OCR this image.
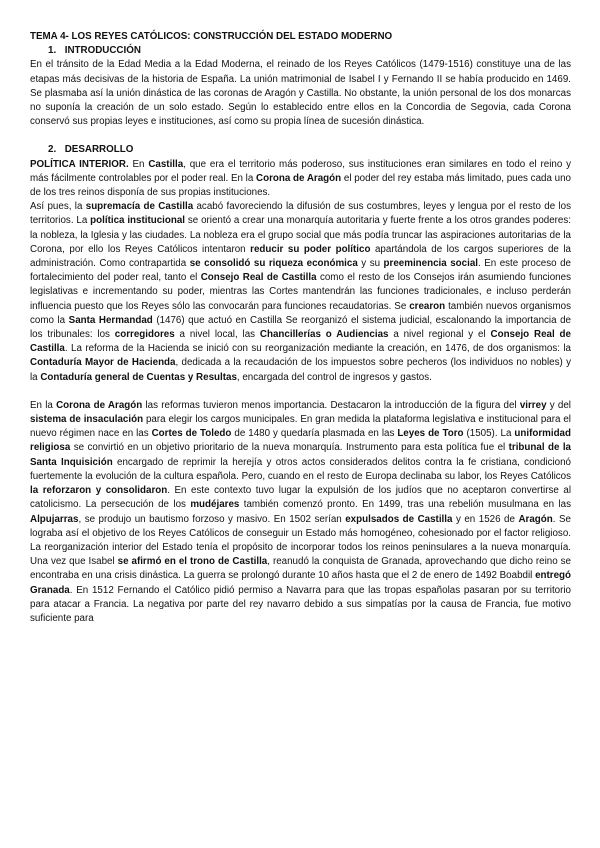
TEMA 4- LOS REYES CATÓLICOS: CONSTRUCCIÓN DEL ESTADO MODERNO
1. INTRODUCCIÓN

En el tránsito de la Edad Media a la Edad Moderna, el reinado de los Reyes Católicos (1479-1516) constituye una de las etapas más decisivas de la historia de España. La unión matrimonial de Isabel I y Fernando II se había producido en 1469. Se plasmaba así la unión dinástica de las coronas de Aragón y Castilla. No obstante, la unión personal de los dos monarcas no suponía la creación de un solo estado. Según lo establecido entre ellos en la Concordia de Segovia, cada Corona conservó sus propias leyes e instituciones, así como su propia línea de sucesión dinástica.

2. DESARROLLO

POLÍTICA INTERIOR. En Castilla, que era el territorio más poderoso, sus instituciones eran similares en todo el reino y más fácilmente controlables por el poder real. En la Corona de Aragón el poder del rey estaba más limitado, pues cada uno de los tres reinos disponía de sus propias instituciones.

Así pues, la supremacía de Castilla acabó favoreciendo la difusión de sus costumbres, leyes y lengua por el resto de los territorios. La política institucional se orientó a crear una monarquía autoritaria y fuerte frente a los otros grandes poderes: la nobleza, la Iglesia y las ciudades. La nobleza era el grupo social que más podía truncar las aspiraciones autoritarias de la Corona, por ello los Reyes Católicos intentaron reducir su poder político apartándola de los cargos superiores de la administración. Como contrapartida se consolidó su riqueza económica y su preeminencia social. En este proceso de fortalecimiento del poder real, tanto el Consejo Real de Castilla como el resto de los Consejos irán asumiendo funciones legislativas e incrementando su poder, mientras las Cortes mantendrán las funciones tradicionales, e incluso perderán influencia puesto que los Reyes sólo las convocarán para funciones recaudatorias. Se crearon también nuevos organismos como la Santa Hermandad (1476) que actuó en Castilla Se reorganizó el sistema judicial, escalonando la importancia de los tribunales: los corregidores a nivel local, las Chancillerías o Audiencias a nivel regional y el Consejo Real de Castilla. La reforma de la Hacienda se inició con su reorganización mediante la creación, en 1476, de dos organismos: la Contaduría Mayor de Hacienda, dedicada a la recaudación de los impuestos sobre pecheros (los individuos no nobles) y la Contaduría general de Cuentas y Resultas, encargada del control de ingresos y gastos.

En la Corona de Aragón las reformas tuvieron menos importancia. Destacaron la introducción de la figura del virrey y del sistema de insaculación para elegir los cargos municipales. En gran medida la plataforma legislativa e institucional para el nuevo régimen nace en las Cortes de Toledo de 1480 y quedaría plasmada en las Leyes de Toro (1505). La uniformidad religiosa se convirtió en un objetivo prioritario de la nueva monarquía. Instrumento para esta política fue el tribunal de la Santa Inquisición encargado de reprimir la herejía y otros actos considerados delitos contra la fe cristiana, condicionó fuertemente la evolución de la cultura española. Pero, cuando en el resto de Europa declinaba su labor, los Reyes Católicos la reforzaron y consolidaron. En este contexto tuvo lugar la expulsión de los judíos que no aceptaron convertirse al catolicismo. La persecución de los mudéjares también comenzó pronto. En 1499, tras una rebelión musulmana en las Alpujarras, se produjo un bautismo forzoso y masivo. En 1502 serían expulsados de Castilla y en 1526 de Aragón. Se lograba así el objetivo de los Reyes Católicos de conseguir un Estado más homogéneo, cohesionado por el factor religioso. La reorganización interior del Estado tenía el propósito de incorporar todos los reinos peninsulares a la nueva monarquía. Una vez que Isabel se afirmó en el trono de Castilla, reanudó la conquista de Granada, aprovechando que dicho reino se encontraba en una crisis dinástica. La guerra se prolongó durante 10 años hasta que el 2 de enero de 1492 Boabdil entregó Granada. En 1512 Fernando el Católico pidió permiso a Navarra para que las tropas españolas pasaran por su territorio para atacar a Francia. La negativa por parte del rey navarro debido a sus simpatías por la causa de Francia, fue motivo suficiente para
